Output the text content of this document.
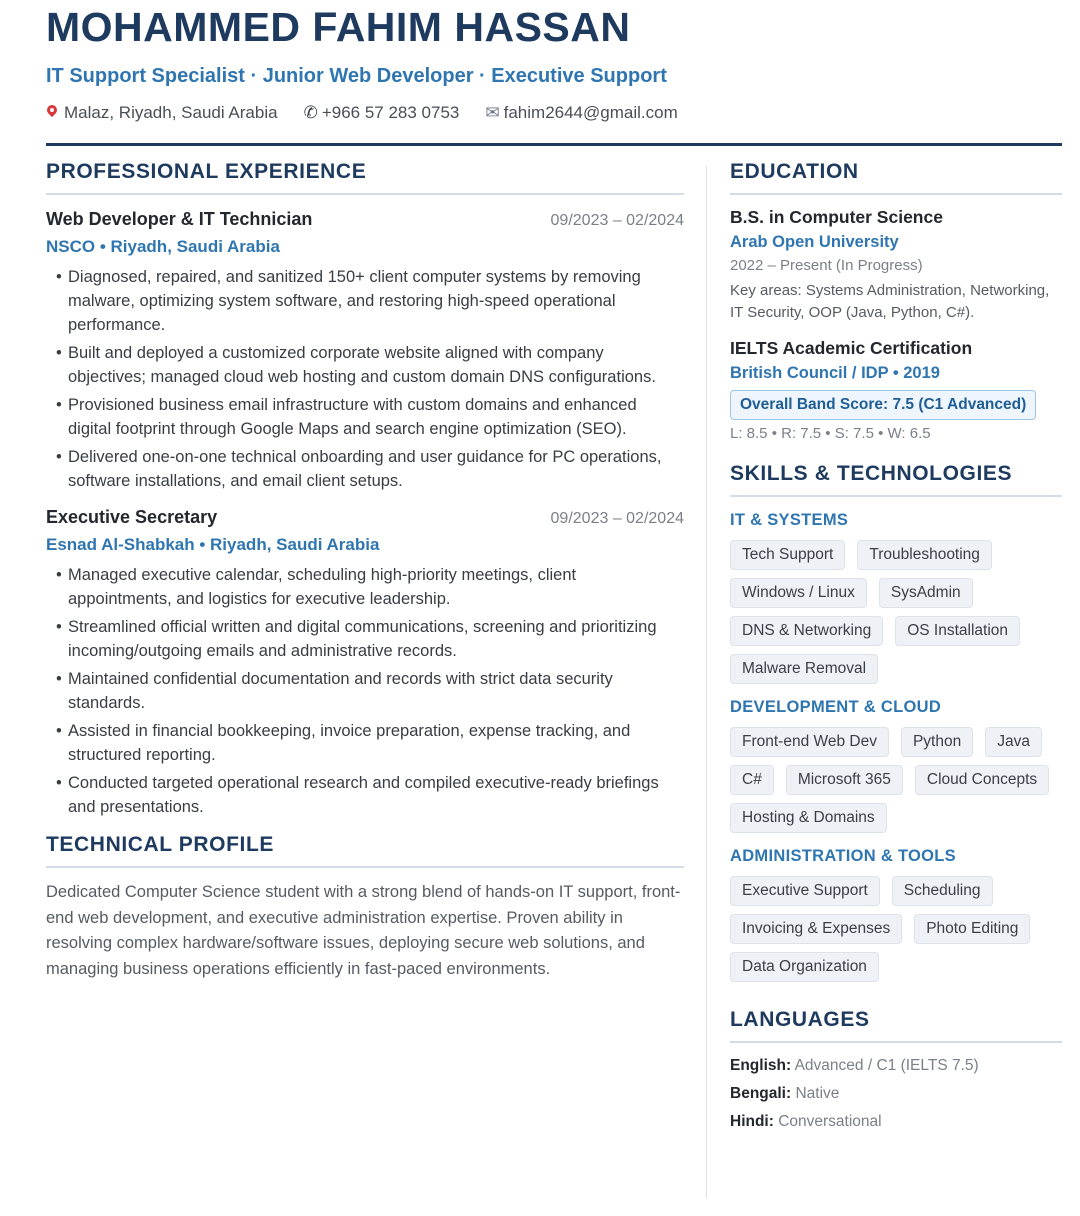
MOHAMMED FAHIM HASSAN
IT Support Specialist · Junior Web Developer · Executive Support
Malaz, Riyadh, Saudi Arabia ✆ +966 57 283 0753 ✉ fahim2644@gmail.com
PROFESSIONAL EXPERIENCE
Web Developer & IT Technician	09/2023 – 02/2024
NSCO • Riyadh, Saudi Arabia
• Diagnosed, repaired, and sanitized 150+ client computer systems by removing malware, optimizing system software, and restoring high-speed operational performance.
• Built and deployed a customized corporate website aligned with company objectives; managed cloud web hosting and custom domain DNS configurations.
• Provisioned business email infrastructure with custom domains and enhanced digital footprint through Google Maps and search engine optimization (SEO).
• Delivered one-on-one technical onboarding and user guidance for PC operations, software installations, and email client setups.
Executive Secretary	09/2023 – 02/2024
Esnad Al-Shabkah • Riyadh, Saudi Arabia
• Managed executive calendar, scheduling high-priority meetings, client appointments, and logistics for executive leadership.
• Streamlined official written and digital communications, screening and prioritizing incoming/outgoing emails and administrative records.
• Maintained confidential documentation and records with strict data security standards.
• Assisted in financial bookkeeping, invoice preparation, expense tracking, and structured reporting.
• Conducted targeted operational research and compiled executive-ready briefings and presentations.
TECHNICAL PROFILE
Dedicated Computer Science student with a strong blend of hands-on IT support, front-end web development, and executive administration expertise. Proven ability in resolving complex hardware/software issues, deploying secure web solutions, and managing business operations efficiently in fast-paced environments.
EDUCATION
B.S. in Computer Science
Arab Open University
2022 – Present (In Progress)
Key areas: Systems Administration, Networking, IT Security, OOP (Java, Python, C#).
IELTS Academic Certification
British Council / IDP • 2019
Overall Band Score: 7.5 (C1 Advanced)
L: 8.5 • R: 7.5 • S: 7.5 • W: 6.5
SKILLS & TECHNOLOGIES
IT & SYSTEMS
Tech Support	Troubleshooting
Windows / Linux	SysAdmin
DNS & Networking	OS Installation
Malware Removal
DEVELOPMENT & CLOUD
Front-end Web Dev	Python	Java
C#	Microsoft 365	Cloud Concepts
Hosting & Domains
ADMINISTRATION & TOOLS
Executive Support	Scheduling
Invoicing & Expenses	Photo Editing
Data Organization
LANGUAGES
English: Advanced / C1 (IELTS 7.5)
Bengali: Native
Hindi: Conversational
